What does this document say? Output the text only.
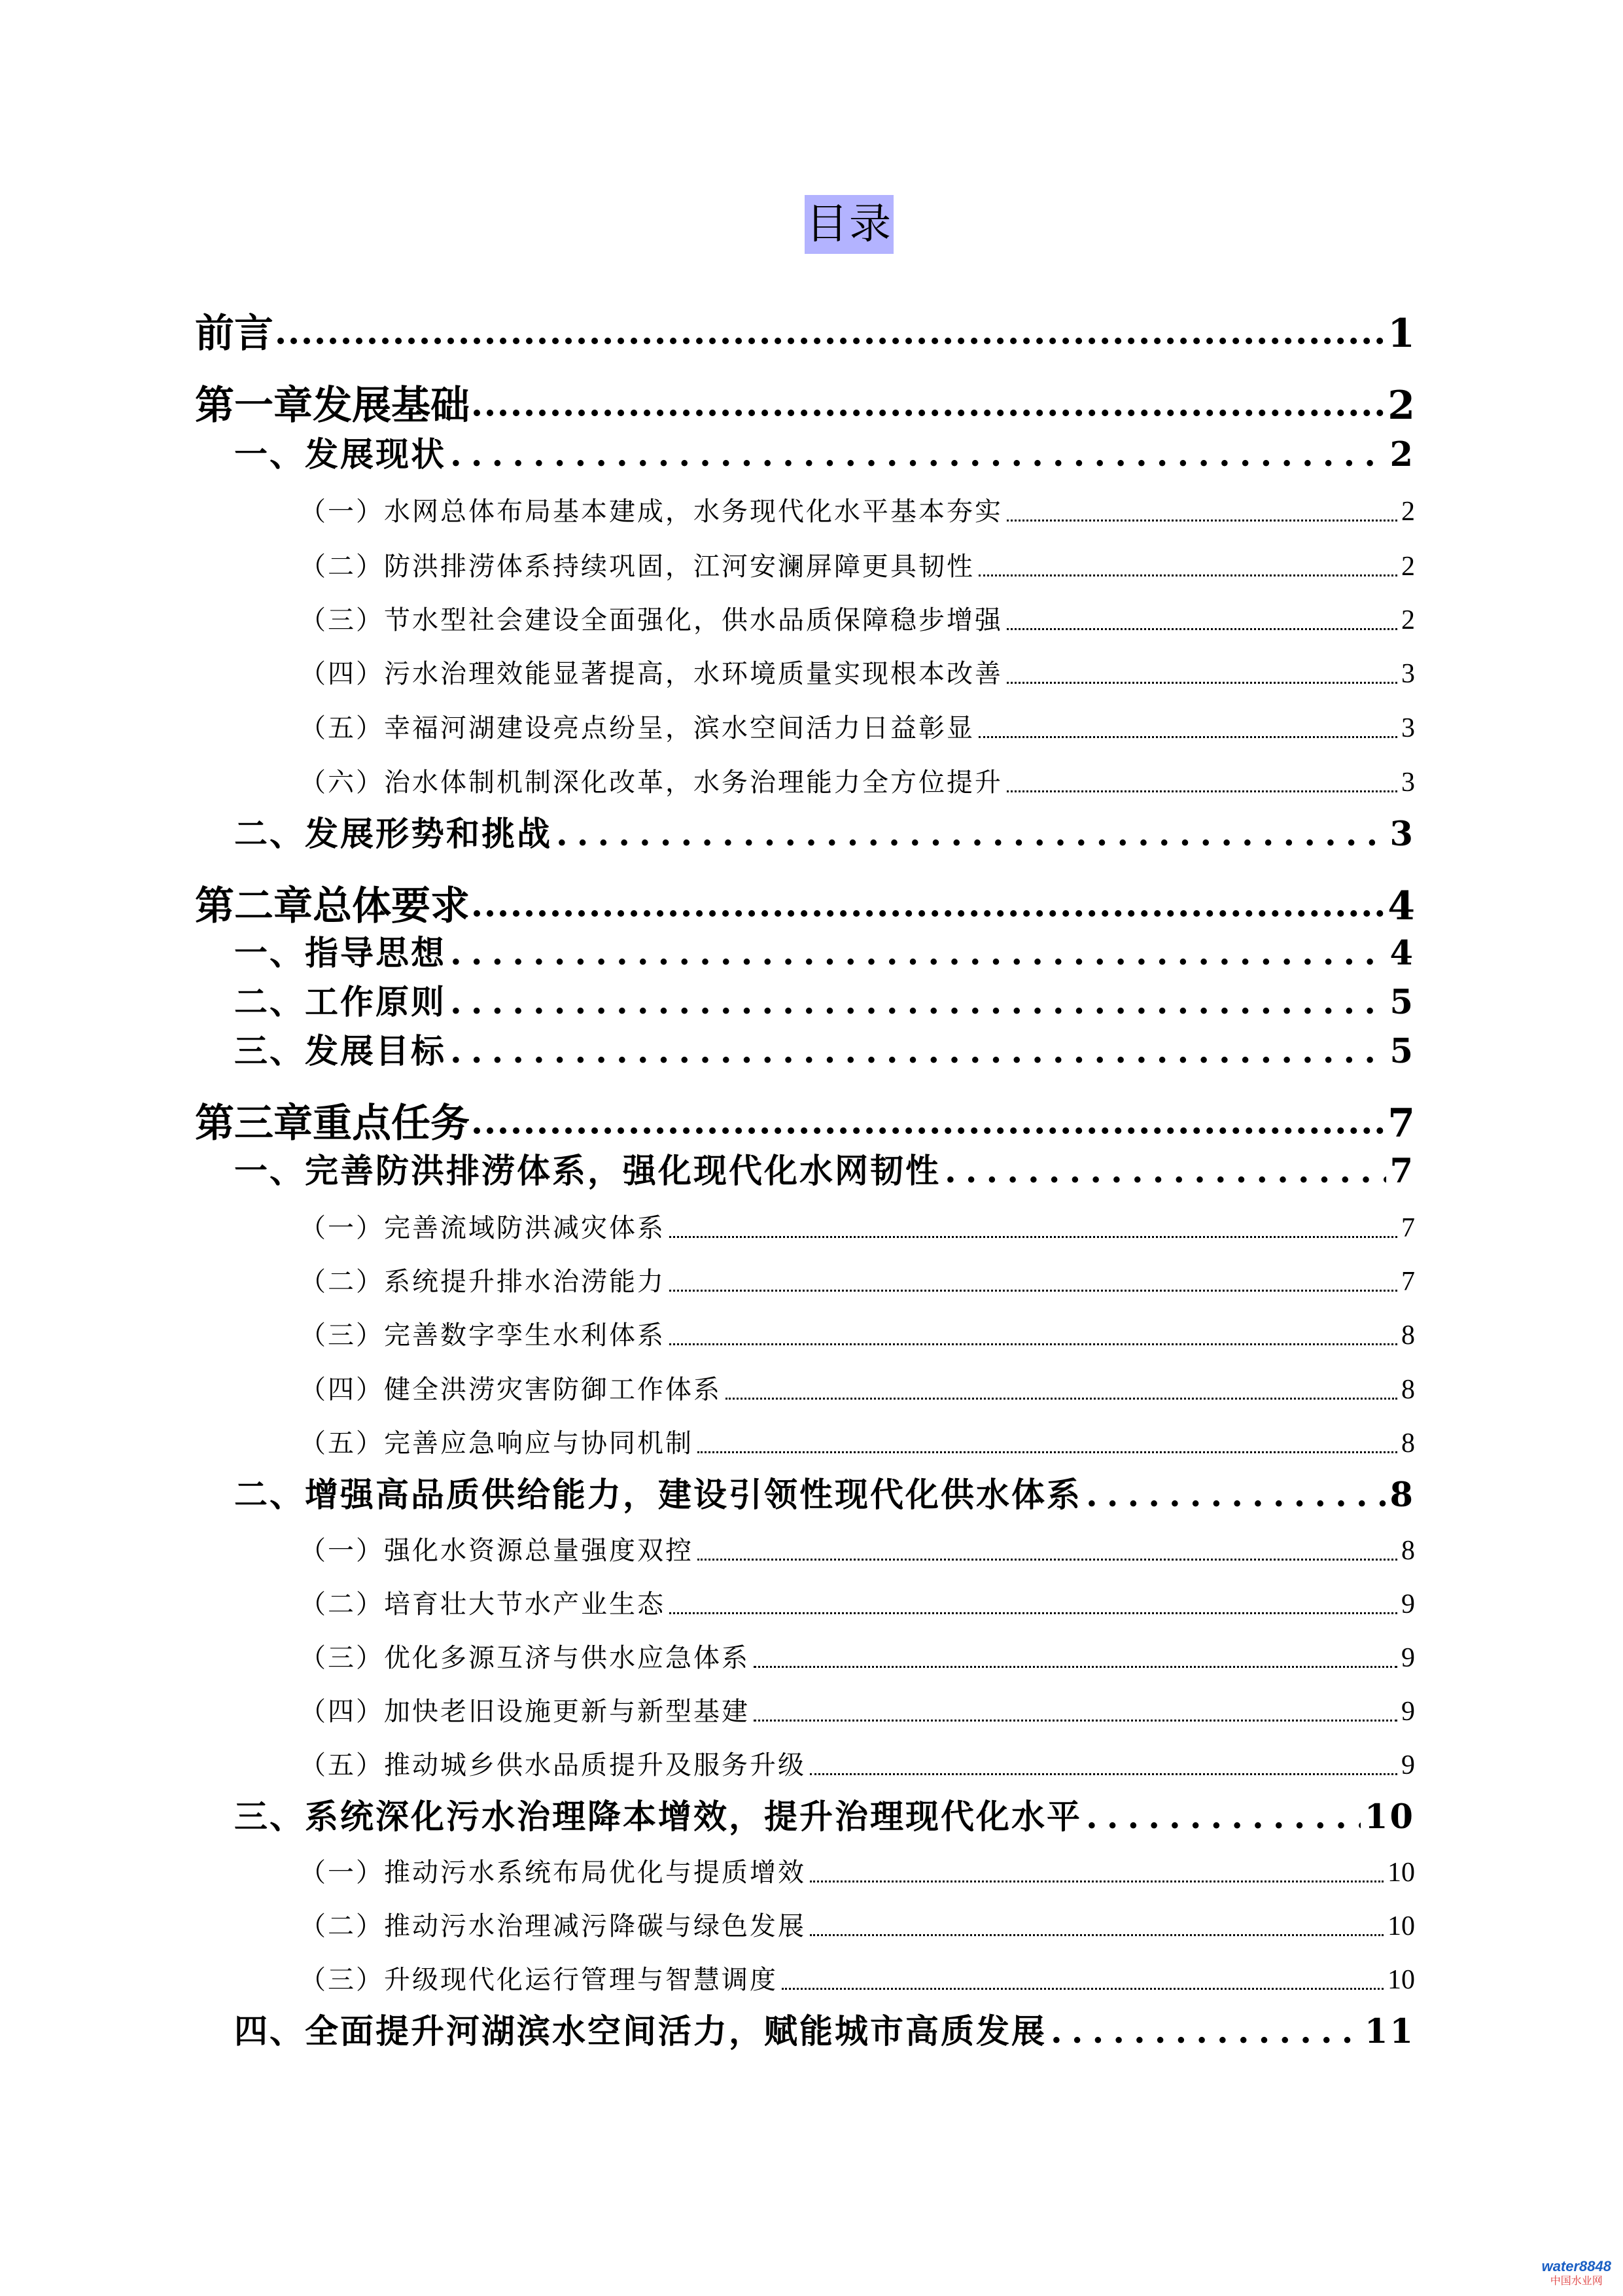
目录
前言	1
第一章发展基础	2
一、发展现状 .....	2
（一）水网总体布局基本建成，水务现代化水平基本夯实	2
（二）防洪排涝体系持续巩固，江河安澜屏障更具韧性	2
（三）节水型社会建设全面强化，供水品质保障稳步增强	2
（四）污水治理效能显著提高，水环境质量实现根本改善	3
（五）幸福河湖建设亮点纷呈，滨水空间活力日益彰显	3
（六）治水体制机制深化改革，水务治理能力全方位提升	3
二、发展形势和挑战 .....	3
第二章总体要求	4
一、指导思想 .....	4
二、工作原则 .....	5
三、发展目标 .....	5
第三章重点任务	7
一、完善防洪排涝体系，强化现代化水网韧性 .....	7
（一）完善流域防洪减灾体系	7
（二）系统提升排水治涝能力	7
（三）完善数字孪生水利体系	8
（四）健全洪涝灾害防御工作体系	8
（五）完善应急响应与协同机制	8
二、增强高品质供给能力，建设引领性现代化供水体系 .....	8
（一）强化水资源总量强度双控	8
（二）培育壮大节水产业生态	9
（三）优化多源互济与供水应急体系	9
（四）加快老旧设施更新与新型基建	9
（五）推动城乡供水品质提升及服务升级	9
三、系统深化污水治理降本增效，提升治理现代化水平 .....	10
（一）推动污水系统布局优化与提质增效	10
（二）推动污水治理减污降碳与绿色发展	10
（三）升级现代化运行管理与智慧调度	10
四、全面提升河湖滨水空间活力，赋能城市高质发展 .....	11
water8848
中国水业网
